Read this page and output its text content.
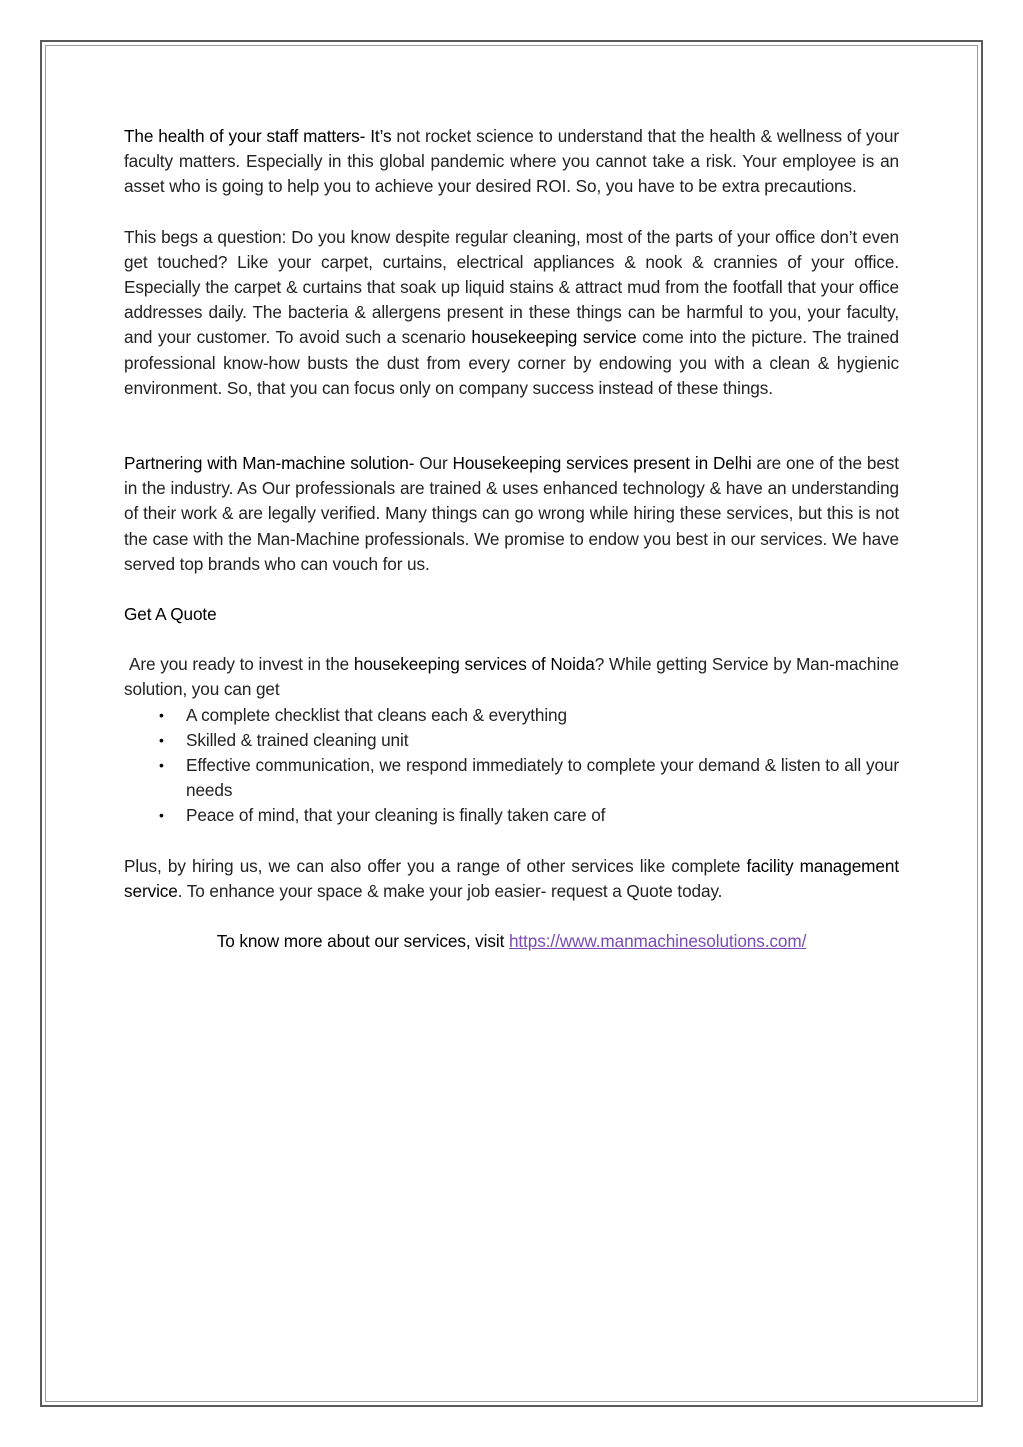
The health of your staff matters- It’s not rocket science to understand that the health & wellness of your faculty matters. Especially in this global pandemic where you cannot take a risk. Your employee is an asset who is going to help you to achieve your desired ROI. So, you have to be extra precautions.

This begs a question: Do you know despite regular cleaning, most of the parts of your office don’t even get touched? Like your carpet, curtains, electrical appliances & nook & crannies of your office. Especially the carpet & curtains that soak up liquid stains & attract mud from the footfall that your office addresses daily. The bacteria & allergens present in these things can be harmful to you, your faculty, and your customer. To avoid such a scenario housekeeping service come into the picture. The trained professional know-how busts the dust from every corner by endowing you with a clean & hygienic environment. So, that you can focus only on company success instead of these things.

Partnering with Man-machine solution- Our Housekeeping services present in Delhi are one of the best in the industry. As Our professionals are trained & uses enhanced technology & have an understanding of their work & are legally verified. Many things can go wrong while hiring these services, but this is not the case with the Man-Machine professionals. We promise to endow you best in our services. We have served top brands who can vouch for us.

Get A Quote

Are you ready to invest in the housekeeping services of Noida? While getting Service by Man-machine solution, you can get

• A complete checklist that cleans each & everything
• Skilled & trained cleaning unit
• Effective communication, we respond immediately to complete your demand & listen to all your needs
• Peace of mind, that your cleaning is finally taken care of

Plus, by hiring us, we can also offer you a range of other services like complete facility management service. To enhance your space & make your job easier- request a Quote today.

To know more about our services, visit https://www.manmachinesolutions.com/
